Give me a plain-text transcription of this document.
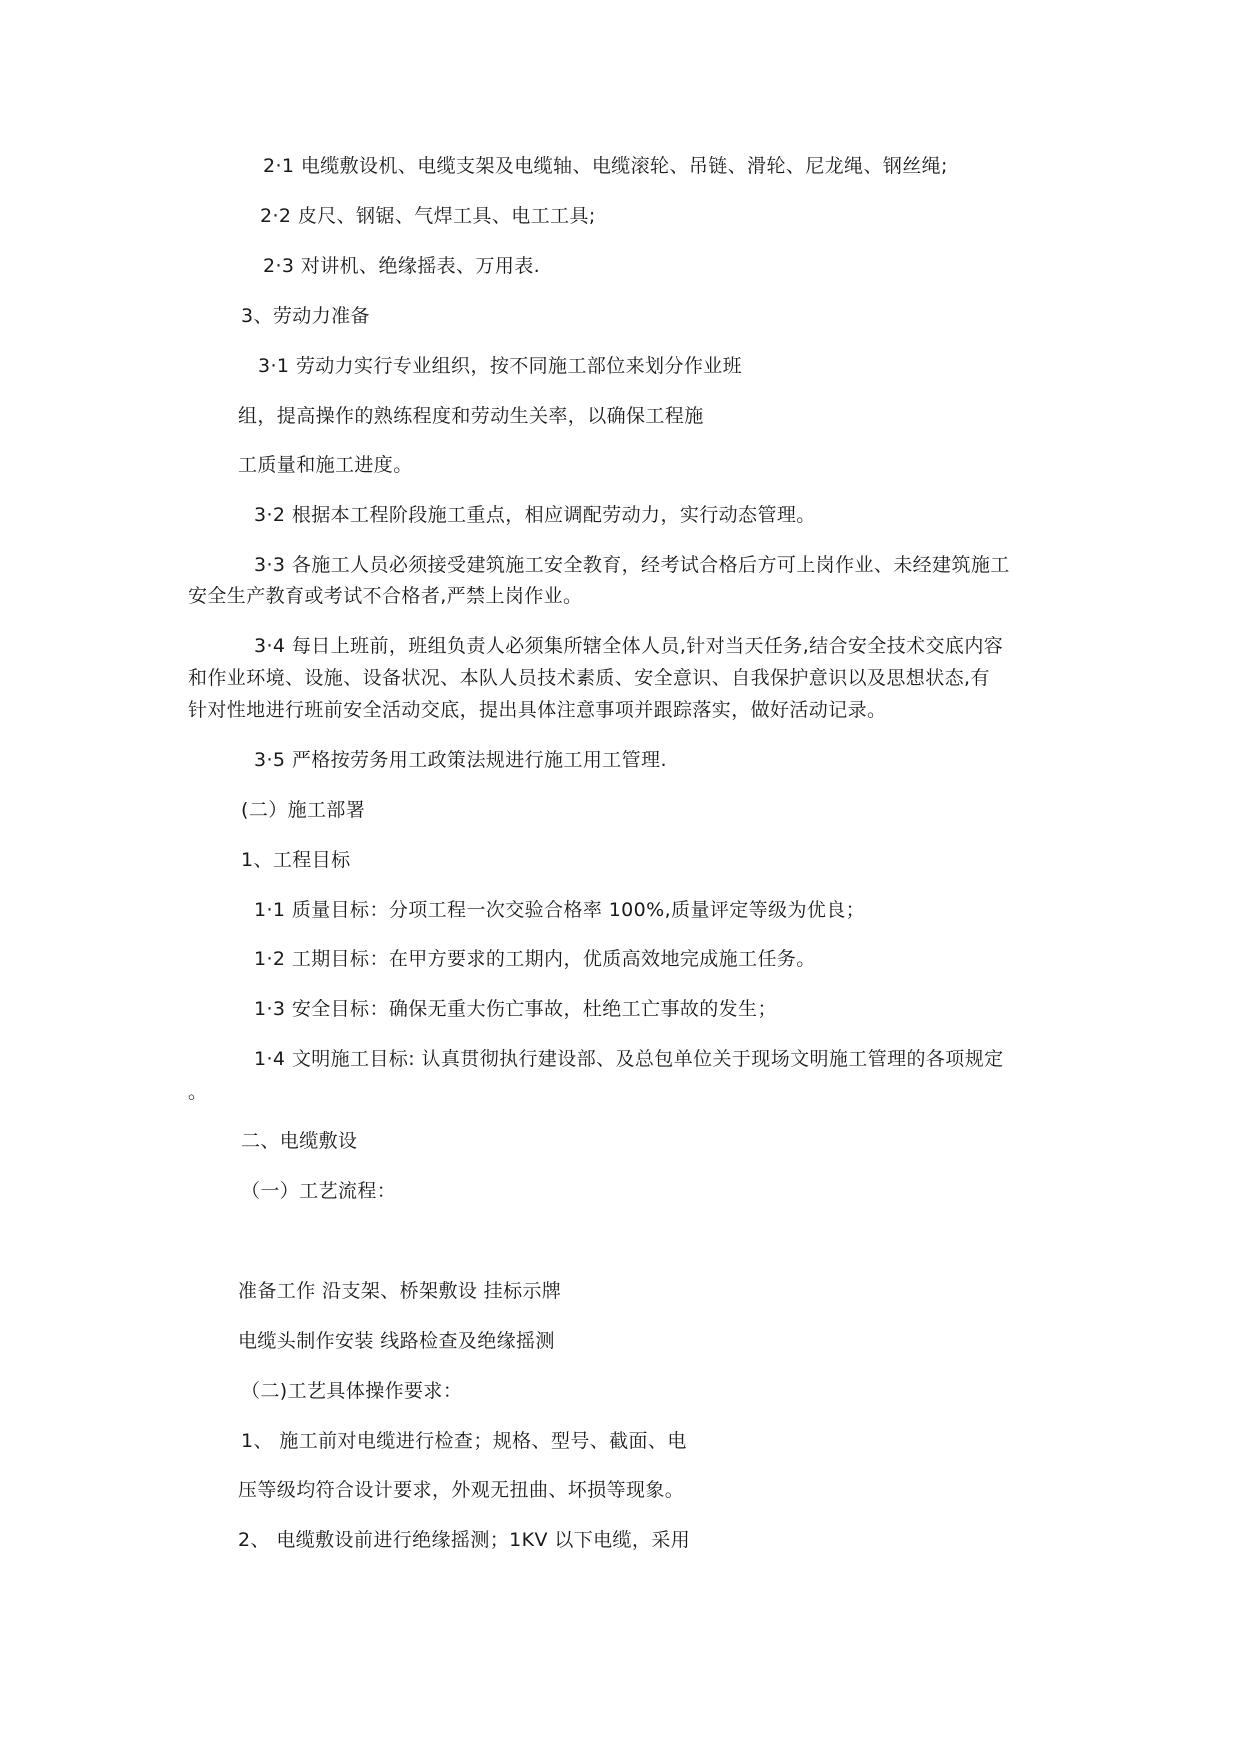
2·1 电缆敷设机、电缆支架及电缆轴、电缆滚轮、吊链、滑轮、尼龙绳、钢丝绳;
2·2 皮尺、钢锯、气焊工具、电工工具;
2·3 对讲机、绝缘摇表、万用表.
3、劳动力准备
3·1 劳动力实行专业组织，按不同施工部位来划分作业班
组，提高操作的熟练程度和劳动生关率，以确保工程施
工质量和施工进度。
3·2 根据本工程阶段施工重点，相应调配劳动力，实行动态管理。
3·3 各施工人员必须接受建筑施工安全教育，经考试合格后方可上岗作业、未经建筑施工
安全生产教育或考试不合格者,严禁上岗作业。
3·4 每日上班前，班组负责人必须集所辖全体人员,针对当天任务,结合安全技术交底内容
和作业环境、设施、设备状况、本队人员技术素质、安全意识、自我保护意识以及思想状态,有
针对性地进行班前安全活动交底，提出具体注意事项并跟踪落实，做好活动记录。
3·5 严格按劳务用工政策法规进行施工用工管理.
(二）施工部署
1、工程目标
1·1 质量目标：分项工程一次交验合格率 100%,质量评定等级为优良；
1·2 工期目标：在甲方要求的工期内，优质高效地完成施工任务。
1·3 安全目标：确保无重大伤亡事故，杜绝工亡事故的发生；
1·4 文明施工目标: 认真贯彻执行建设部、及总包单位关于现场文明施工管理的各项规定
。
二、电缆敷设
（一）工艺流程：
准备工作 沿支架、桥架敷设 挂标示牌
电缆头制作安装 线路检查及绝缘摇测
（二)工艺具体操作要求：
1、 施工前对电缆进行检查；规格、型号、截面、电
压等级均符合设计要求，外观无扭曲、坏损等现象。
2、 电缆敷设前进行绝缘摇测；1KV 以下电缆，采用
